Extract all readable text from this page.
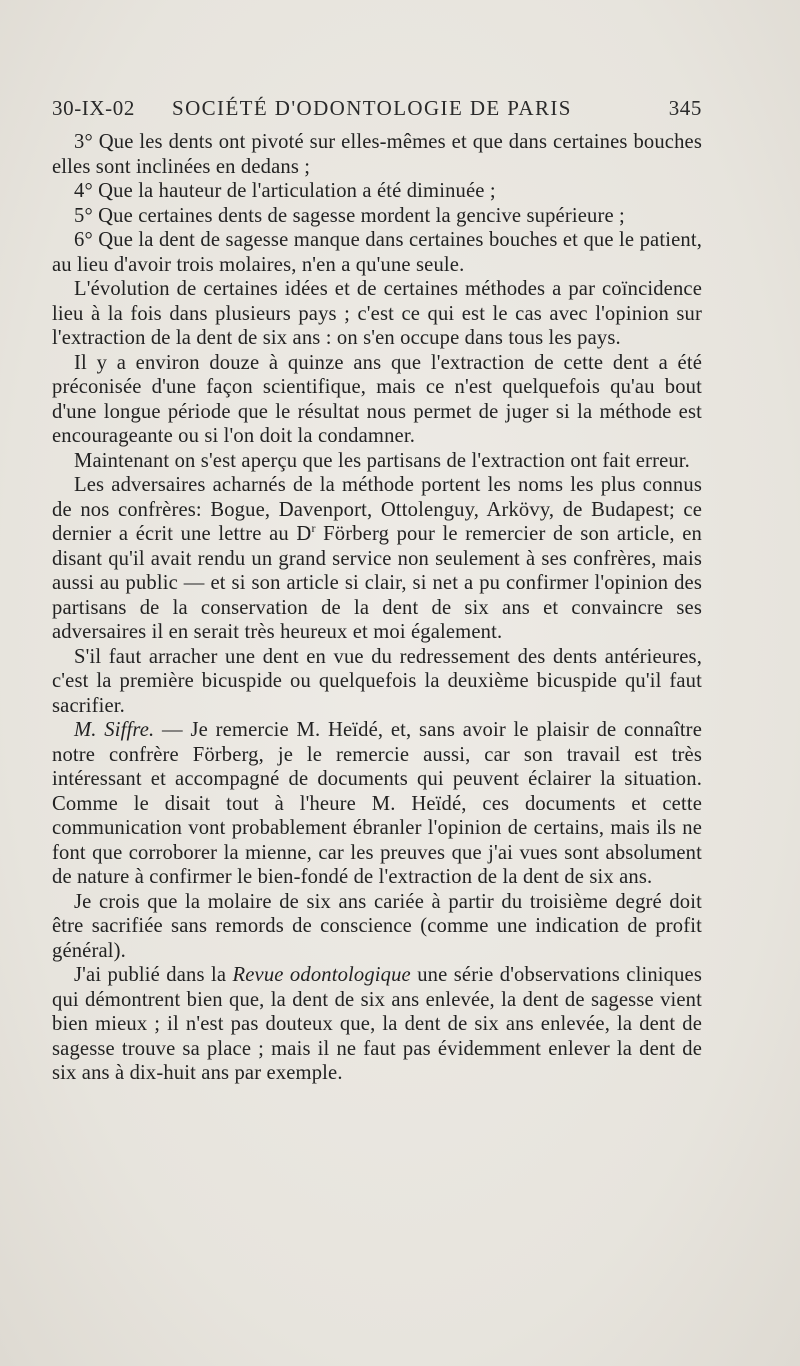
30-IX-02 SOCIÉTÉ D'ODONTOLOGIE DE PARIS	345

3° Que les dents ont pivoté sur elles-mêmes et que dans certaines bouches elles sont inclinées en dedans ;

4° Que la hauteur de l'articulation a été diminuée ;

5° Que certaines dents de sagesse mordent la gencive supérieure ;

6° Que la dent de sagesse manque dans certaines bouches et que le patient, au lieu d'avoir trois molaires, n'en a qu'une seule.

L'évolution de certaines idées et de certaines méthodes a par coïncidence lieu à la fois dans plusieurs pays ; c'est ce qui est le cas avec l'opinion sur l'extraction de la dent de six ans : on s'en occupe dans tous les pays.

Il y a environ douze à quinze ans que l'extraction de cette dent a été préconisée d'une façon scientifique, mais ce n'est quelquefois qu'au bout d'une longue période que le résultat nous permet de juger si la méthode est encourageante ou si l'on doit la condamner.

Maintenant on s'est aperçu que les partisans de l'extraction ont fait erreur.

Les adversaires acharnés de la méthode portent les noms les plus connus de nos confrères: Bogue, Davenport, Ottolenguy, Arkövy, de Budapest; ce dernier a écrit une lettre au $D^r$ Förberg pour le remercier de son article, en disant qu'il avait rendu un grand service non seulement à ses confrères, mais aussi au public — et si son article si clair, si net a pu confirmer l'opinion des partisans de la conservation de la dent de six ans et convaincre ses adversaires il en serait très heureux et moi également.

S'il faut arracher une dent en vue du redressement des dents antérieures, c'est la première bicuspide ou quelquefois la deuxième bicuspide qu'il faut sacrifier.

M. Siffre. — Je remercie M. Heïdé, et, sans avoir le plaisir de connaître notre confrère Förberg, je le remercie aussi, car son travail est très intéressant et accompagné de documents qui peuvent éclairer la situation. Comme le disait tout à l'heure M. Heïdé, ces documents et cette communication vont probablement ébranler l'opinion de certains, mais ils ne font que corroborer la mienne, car les preuves que j'ai vues sont absolument de nature à confirmer le bien-fondé de l'extraction de la dent de six ans.

Je crois que la molaire de six ans cariée à partir du troisième degré doit être sacrifiée sans remords de conscience (comme une indication de profit général).

J'ai publié dans la Revue odontologique une série d'observations cliniques qui démontrent bien que, la dent de six ans enlevée, la dent de sagesse vient bien mieux ; il n'est pas douteux que, la dent de six ans enlevée, la dent de sagesse trouve sa place ; mais il ne faut pas évidemment enlever la dent de six ans à dix-huit ans par exemple.
